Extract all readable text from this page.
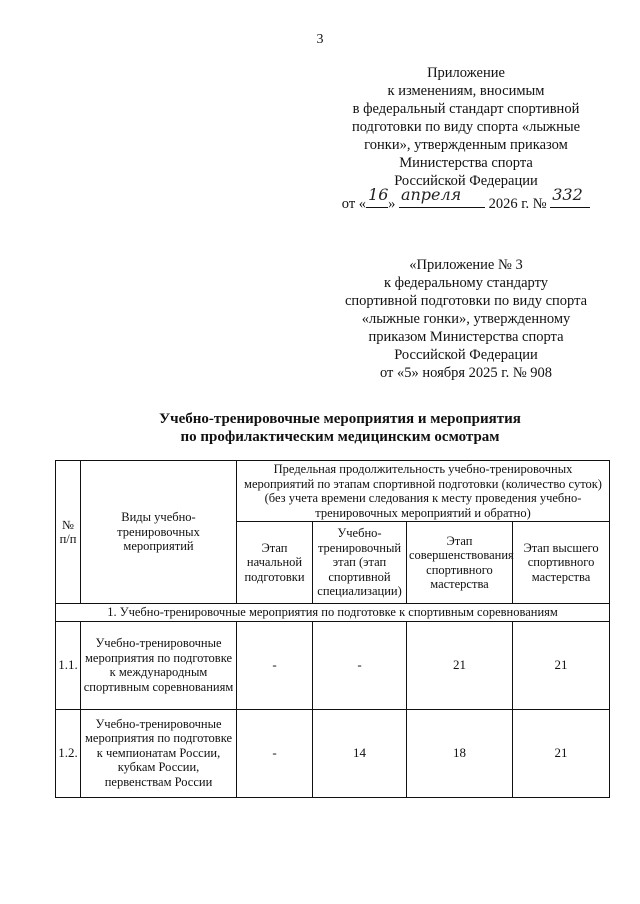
3
Приложение
к изменениям, вносимым
в федеральный стандарт спортивной
подготовки по виду спорта «лыжные
гонки», утвержденным приказом
Министерства спорта
Российской Федерации
от « 16 » апреля 2026 г. № 332
«Приложение № 3
к федеральному стандарту
спортивной подготовки по виду спорта
«лыжные гонки», утвержденному
приказом Министерства спорта
Российской Федерации
от «5» ноября 2025 г. № 908
Учебно-тренировочные мероприятия и мероприятия
по профилактическим медицинским осмотрам
№ п/п	Виды учебно-тренировочных мероприятий	Предельная продолжительность учебно-тренировочных мероприятий по этапам спортивной подготовки (количество суток) (без учета времени следования к месту проведения учебно-тренировочных мероприятий и обратно)			
		Этап начальной подготовки	Учебно-тренировочный этап (этап спортивной специализации)	Этап совершенствования спортивного мастерства	Этап высшего спортивного мастерства
1. Учебно-тренировочные мероприятия по подготовке к спортивным соревнованиям					
1.1.	Учебно-тренировочные мероприятия по подготовке к международным спортивным соревнованиям	-	-	21	21
1.2.	Учебно-тренировочные мероприятия по подготовке к чемпионатам России, кубкам России, первенствам России	-	14	18	21
